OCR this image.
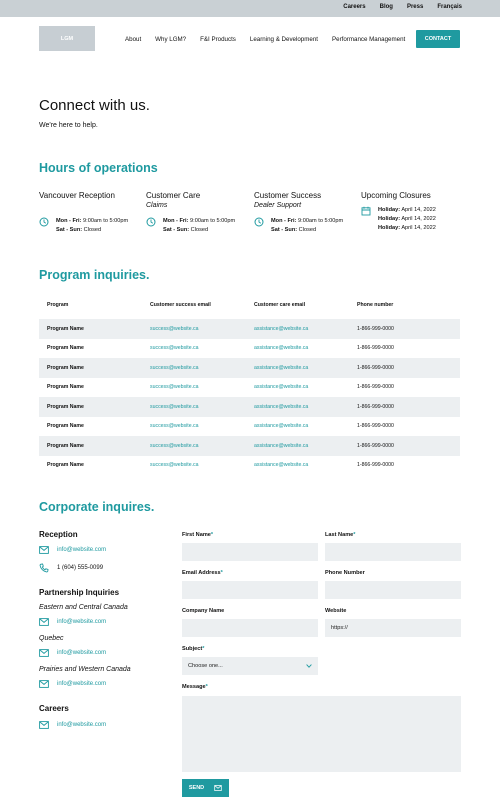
Careers Blog Press Français
LGM	About Why LGM? F&I Products Learning & Development Performance Management	CONTACT
Connect with us.
We're here to help.
Hours of operations
Vancouver Reception
Mon - Fri: 9:00am to 5:00pm
Sat - Sun: Closed
Customer Care
Claims
Mon - Fri: 9:00am to 5:00pm
Sat - Sun: Closed
Customer Success
Dealer Support
Mon - Fri: 9:00am to 5:00pm
Sat - Sun: Closed
Upcoming Closures
Holiday: April 14, 2022
Holiday: April 14, 2022
Holiday: April 14, 2022
Program inquiries.
Program	Customer success email	Customer care email	Phone number
Program Name	success@website.ca	assistance@website.ca	1-866-999-0000
Program Name	success@website.ca	assistance@website.ca	1-866-999-0000
Program Name	success@website.ca	assistance@website.ca	1-866-999-0000
Program Name	success@website.ca	assistance@website.ca	1-866-999-0000
Program Name	success@website.ca	assistance@website.ca	1-866-999-0000
Program Name	success@website.ca	assistance@website.ca	1-866-999-0000
Program Name	success@website.ca	assistance@website.ca	1-866-999-0000
Program Name	success@website.ca	assistance@website.ca	1-866-999-0000
Corporate inquires.
Reception
info@website.com
1 (604) 555-0099
Partnership Inquiries
Eastern and Central Canada
info@website.com
Quebec
info@website.com
Prairies and Western Canada
info@website.com
Careers
info@website.com
First Name*	Last Name*
Email Address*	Phone Number
Company Name	Website
https://
Subject*
Choose one...
Message*
SEND
